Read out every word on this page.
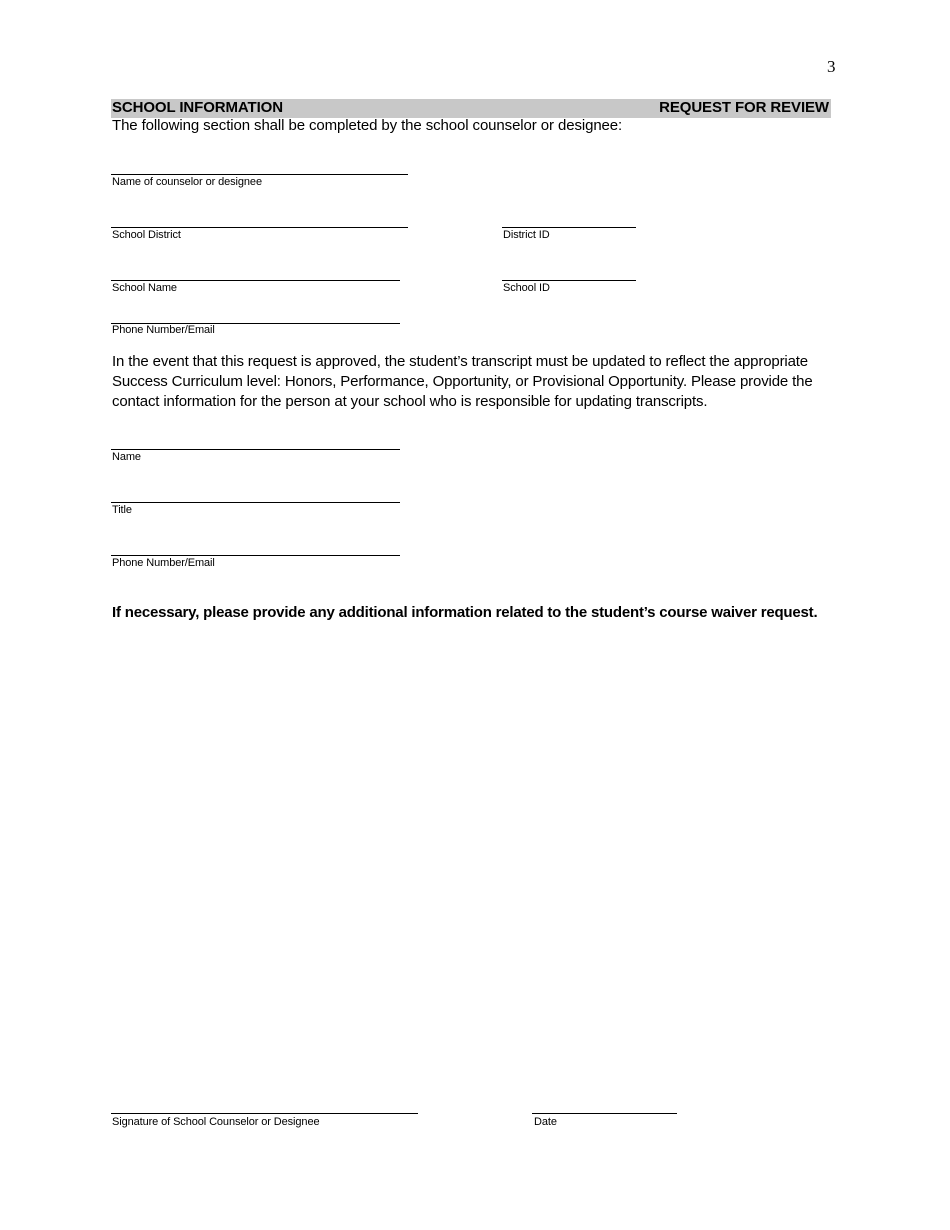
3
SCHOOL INFORMATION	REQUEST FOR REVIEW
The following section shall be completed by the school counselor or designee:
Name of counselor or designee
School District	District ID
School Name	School ID
Phone Number/Email
In the event that this request is approved, the student’s transcript must be updated to reflect the appropriate Success Curriculum level: Honors, Performance, Opportunity, or Provisional Opportunity. Please provide the contact information for the person at your school who is responsible for updating transcripts.
Name
Title
Phone Number/Email
If necessary, please provide any additional information related to the student’s course waiver request.
Signature of School Counselor or Designee	Date
